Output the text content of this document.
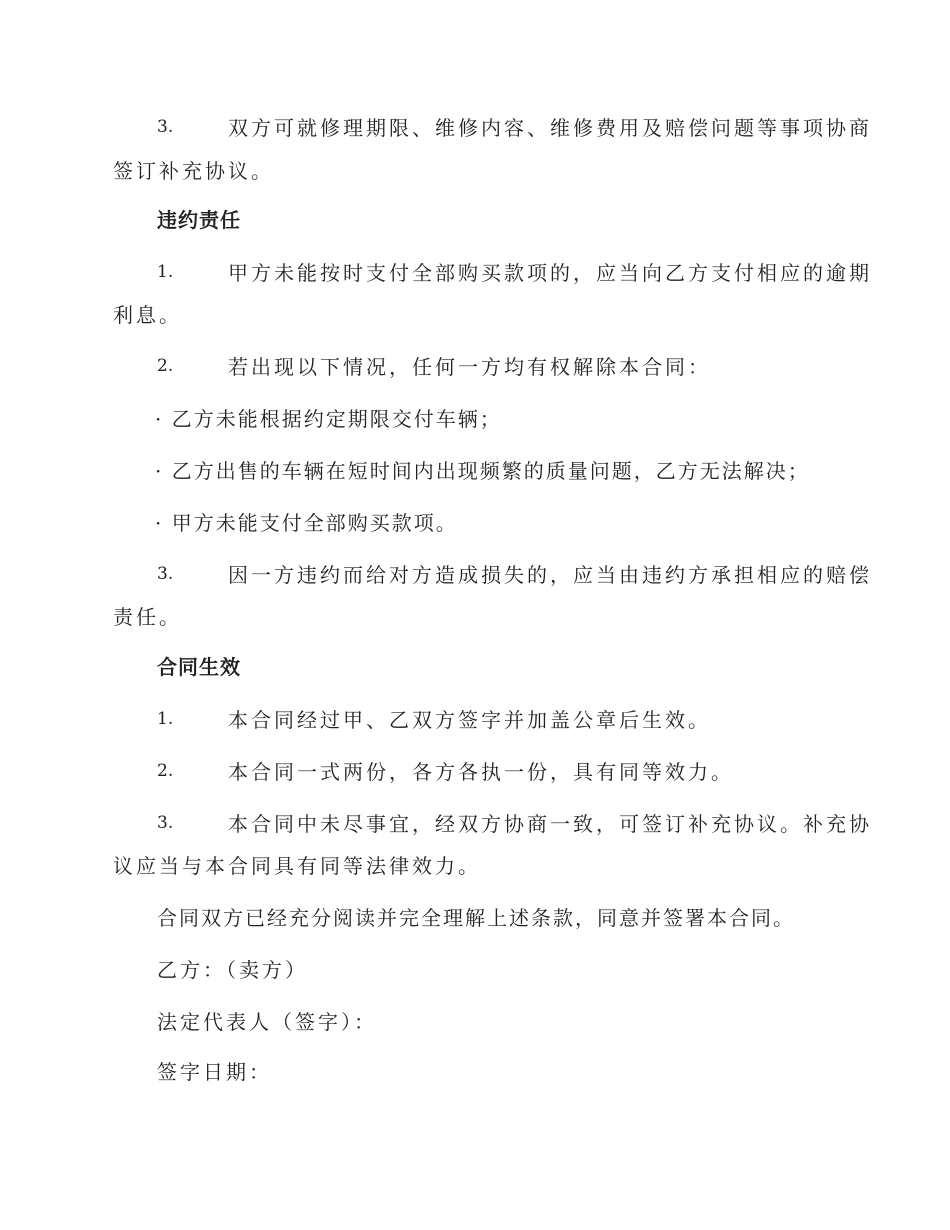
3.	双方可就修理期限、维修内容、维修费用及赔偿问题等事项协商
签订补充协议。
违约责任
1.	甲方未能按时支付全部购买款项的，应当向乙方支付相应的逾期
利息。
2.	若出现以下情况，任何一方均有权解除本合同：
· 乙方未能根据约定期限交付车辆；
· 乙方出售的车辆在短时间内出现频繁的质量问题，乙方无法解决；
· 甲方未能支付全部购买款项。
3.	因一方违约而给对方造成损失的，应当由违约方承担相应的赔偿
责任。
合同生效
1.	本合同经过甲、乙双方签字并加盖公章后生效。
2.	本合同一式两份，各方各执一份，具有同等效力。
3.	本合同中未尽事宜，经双方协商一致，可签订补充协议。补充协
议应当与本合同具有同等法律效力。
合同双方已经充分阅读并完全理解上述条款，同意并签署本合同。
乙方：（卖方）
法定代表人（签字）：
签字日期：
